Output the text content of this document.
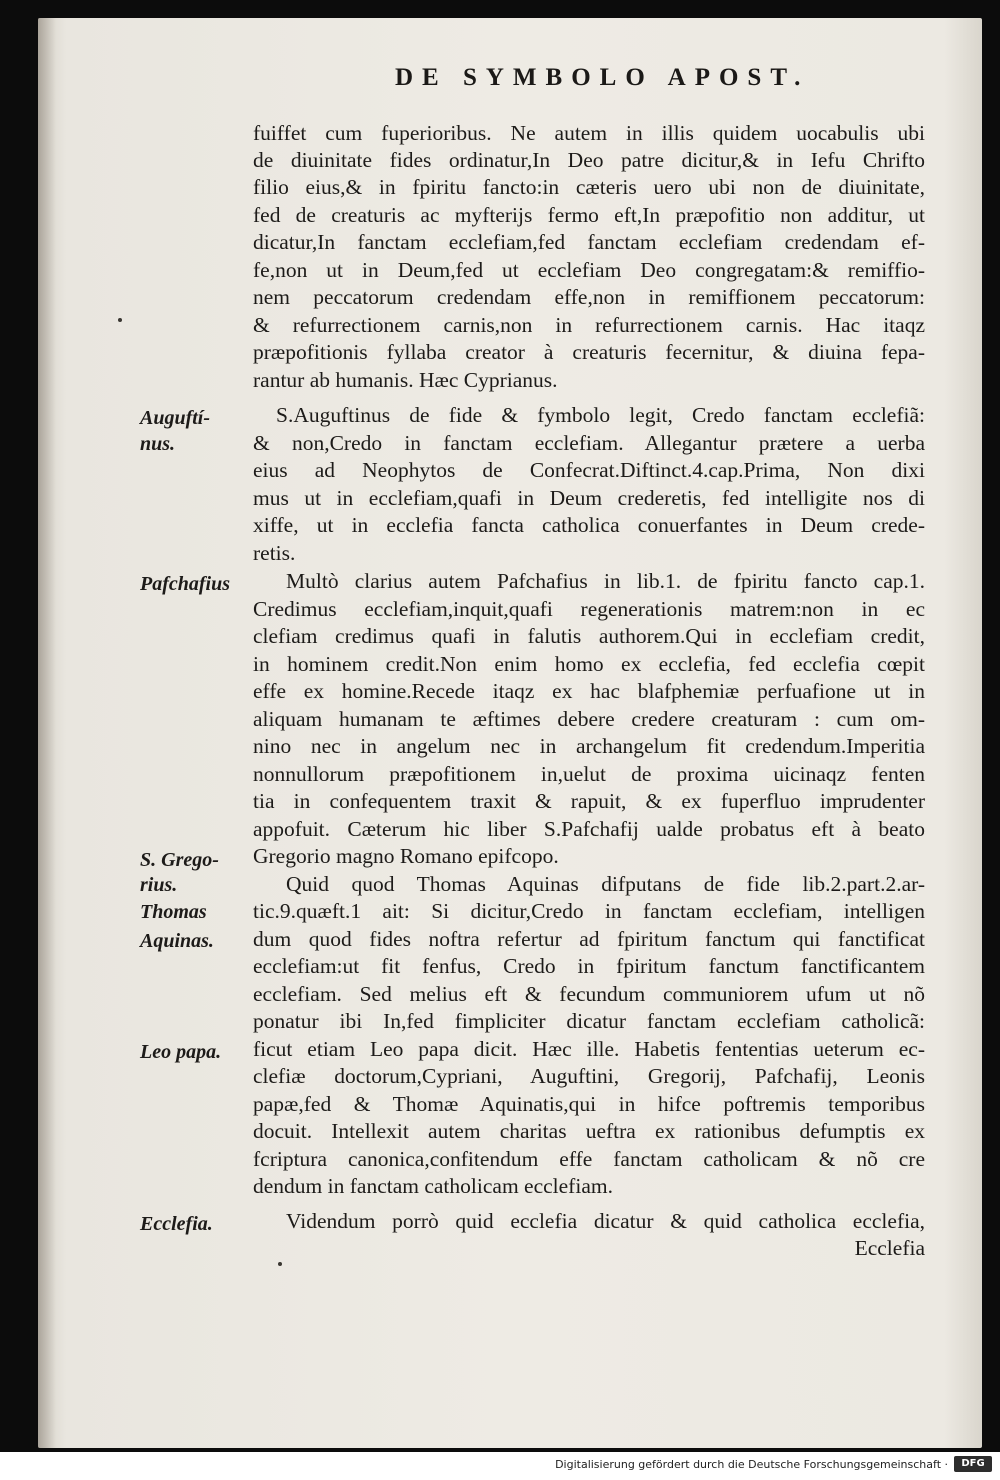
DE SYMBOLO APOST.
fuiffet cum fuperioribus. Ne autem in illis quidem uocabulis ubi
de diuinitate fides ordinatur,In Deo patre dicitur,& in Iefu Chrifto
filio eius,& in fpiritu fancto:in cæteris uero ubi non de diuinitate,
fed de creaturis ac myfterijs fermo eft,In præpofitio non additur, ut
dicatur,In fanctam ecclefiam,fed fanctam ecclefiam credendam ef-
fe,non ut in Deum,fed ut ecclefiam Deo congregatam:& remiffio-
nem peccatorum credendam effe,non in remiffionem peccatorum:
& refurrectionem carnis,non in refurrectionem carnis. Hac itaqz
præpofitionis fyllaba creator à creaturis fecernitur, & diuina fepa-
rantur ab humanis. Hæc Cyprianus.
S.Auguftinus de fide & fymbolo legit, Credo fanctam ecclefiã:
& non,Credo in fanctam ecclefiam. Allegantur prætere a uerba
eius ad Neophytos de Confecrat.Diftinct.4.cap.Prima, Non dixi
mus ut in ecclefiam,quafi in Deum crederetis, fed intelligite nos di
xiffe, ut in ecclefia fancta catholica conuerfantes in Deum crede-
retis.
Multò clarius autem Pafchafius in lib.1. de fpiritu fancto cap.1.
Credimus ecclefiam,inquit,quafi regenerationis matrem:non in ec
clefiam credimus quafi in falutis authorem.Qui in ecclefiam credit,
in hominem credit.Non enim homo ex ecclefia, fed ecclefia cœpit
effe ex homine.Recede itaqz ex hac blafphemiæ perfuafione ut in
aliquam humanam te æftimes debere credere creaturam : cum om-
nino nec in angelum nec in archangelum fit credendum.Imperitia
nonnullorum præpofitionem in,uelut de proxima uicinaqz fenten
tia in confequentem traxit & rapuit, & ex fuperfluo imprudenter
appofuit. Cæterum hic liber S.Pafchafij ualde probatus eft à beato
Gregorio magno Romano epifcopo.
Quid quod Thomas Aquinas difputans de fide lib.2.part.2.ar-
tic.9.quæft.1 ait: Si dicitur,Credo in fanctam ecclefiam, intelligen
dum quod fides noftra refertur ad fpiritum fanctum qui fanctificat
ecclefiam:ut fit fenfus, Credo in fpiritum fanctum fanctificantem
ecclefiam. Sed melius eft & fecundum communiorem ufum ut nõ
ponatur ibi In,fed fimpliciter dicatur fanctam ecclefiam catholicã:
ficut etiam Leo papa dicit. Hæc ille. Habetis fententias ueterum ec-
clefiæ doctorum,Cypriani, Auguftini, Gregorij, Pafchafij, Leonis
papæ,fed & Thomæ Aquinatis,qui in hifce poftremis temporibus
docuit. Intellexit autem charitas ueftra ex rationibus defumptis ex
fcriptura canonica,confitendum effe fanctam catholicam & nõ cre
dendum in fanctam catholicam ecclefiam.
Videndum porrò quid ecclefia dicatur & quid catholica ecclefia,
Ecclefia
Auguftí-
nus.
Pafchafius
S. Grego-
rius.
Thomas
Aquinas.
Leo papa.
Ecclefia.
Digitalisierung gefördert durch die Deutsche Forschungsgemeinschaft ·	DFG
